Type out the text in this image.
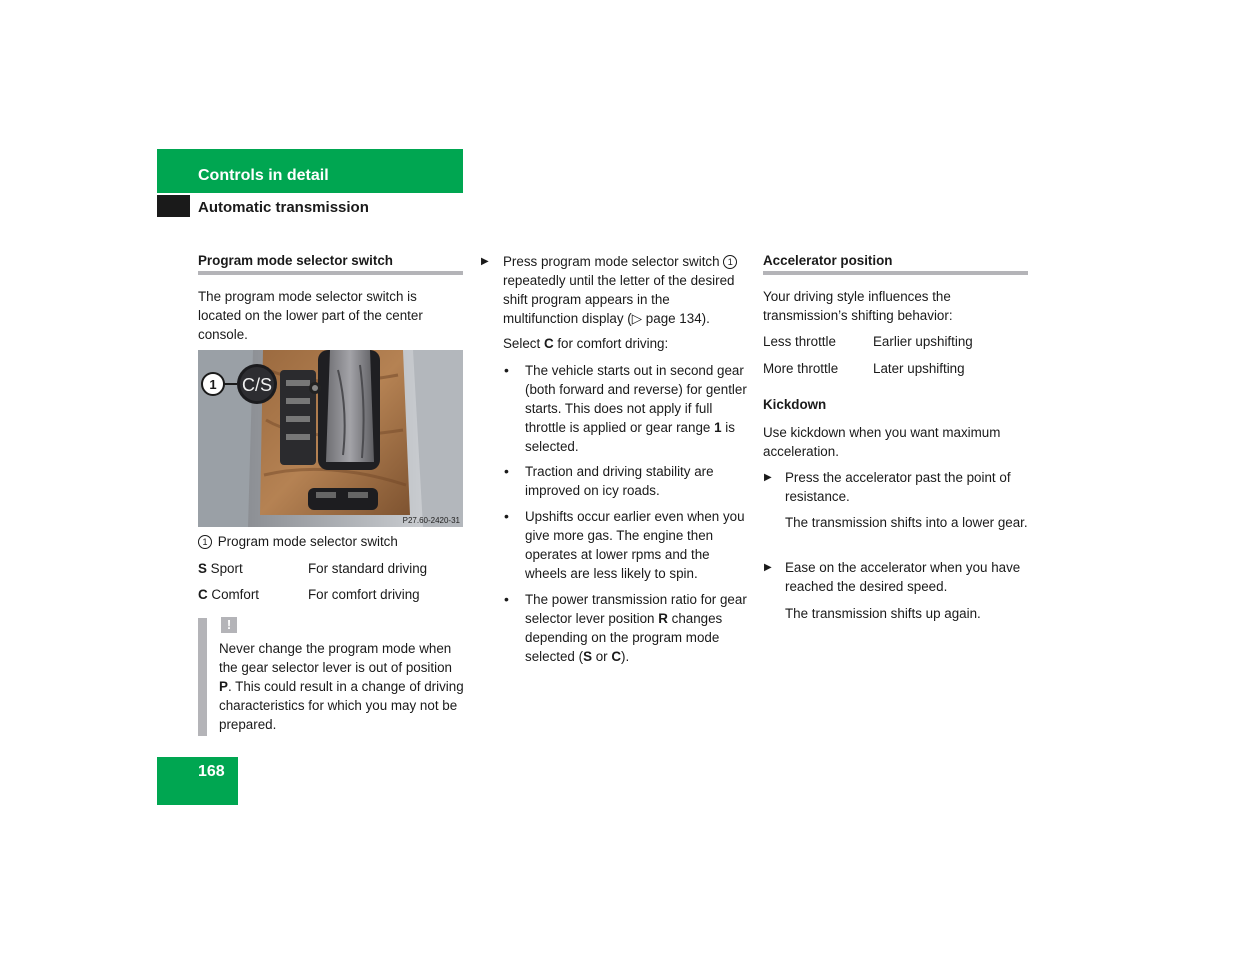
Controls in detail
Automatic transmission
Program mode selector switch
The program mode selector switch is located on the lower part of the center console.
C/S
1
P27.60-2420-31
1 Program mode selector switch
S Sport	For standard driving
C Comfort	For comfort driving
!
Never change the program mode when the gear selector lever is out of position P. This could result in a change of driving characteristics for which you may not be prepared.
▶ Press program mode selector switch 1 repeatedly until the letter of the desired shift program appears in the multifunction display (▷ page 134).
Select C for comfort driving:
• The vehicle starts out in second gear (both forward and reverse) for gentler starts. This does not apply if full throttle is applied or gear range 1 is selected.
• Traction and driving stability are improved on icy roads.
• Upshifts occur earlier even when you give more gas. The engine then operates at lower rpms and the wheels are less likely to spin.
• The power transmission ratio for gear selector lever position R changes depending on the program mode selected (S or C).
Accelerator position
Your driving style influences the transmission’s shifting behavior:
Less throttle	Earlier upshifting
More throttle	Later upshifting
Kickdown
Use kickdown when you want maximum acceleration.
▶ Press the accelerator past the point of resistance.
The transmission shifts into a lower gear.
▶ Ease on the accelerator when you have reached the desired speed.
The transmission shifts up again.
168
